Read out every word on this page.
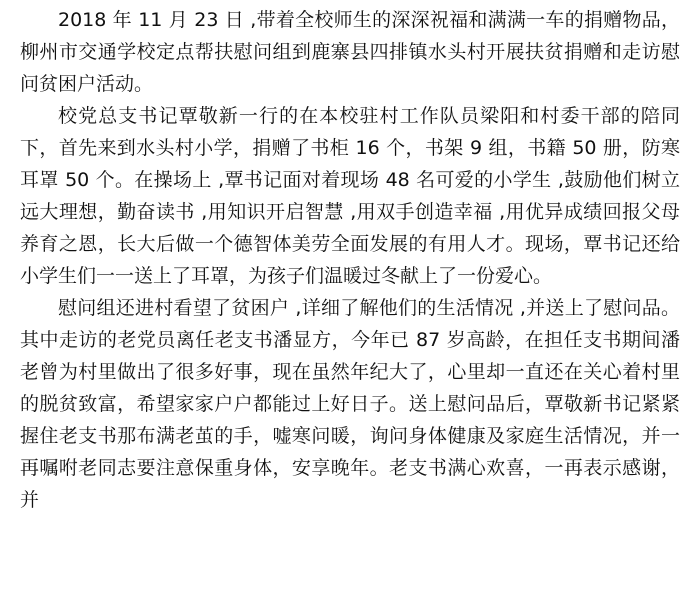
2018 年 11 月 23 日 ,带着全校师生的深深祝福和满满一车的捐赠物品，柳州市交通学校定点帮扶慰问组到鹿寨县四排镇水头村开展扶贫捐赠和走访慰问贫困户活动。

校党总支书记覃敬新一行的在本校驻村工作队员梁阳和村委干部的陪同下，首先来到水头村小学，捐赠了书柜 16 个，书架 9 组，书籍 50 册，防寒耳罩 50 个。在操场上 ,覃书记面对着现场 48 名可爱的小学生 ,鼓励他们树立远大理想，勤奋读书 ,用知识开启智慧 ,用双手创造幸福 ,用优异成绩回报父母养育之恩，长大后做一个德智体美劳全面发展的有用人才。现场，覃书记还给小学生们一一送上了耳罩，为孩子们温暖过冬献上了一份爱心。

慰问组还进村看望了贫困户 ,详细了解他们的生活情况 ,并送上了慰问品。其中走访的老党员离任老支书潘显方，今年已 87 岁高龄，在担任支书期间潘老曾为村里做出了很多好事，现在虽然年纪大了，心里却一直还在关心着村里的脱贫致富，希望家家户户都能过上好日子。送上慰问品后，覃敬新书记紧紧握住老支书那布满老茧的手，嘘寒问暖，询问身体健康及家庭生活情况，并一再嘱咐老同志要注意保重身体，安享晚年。老支书满心欢喜，一再表示感谢，并
